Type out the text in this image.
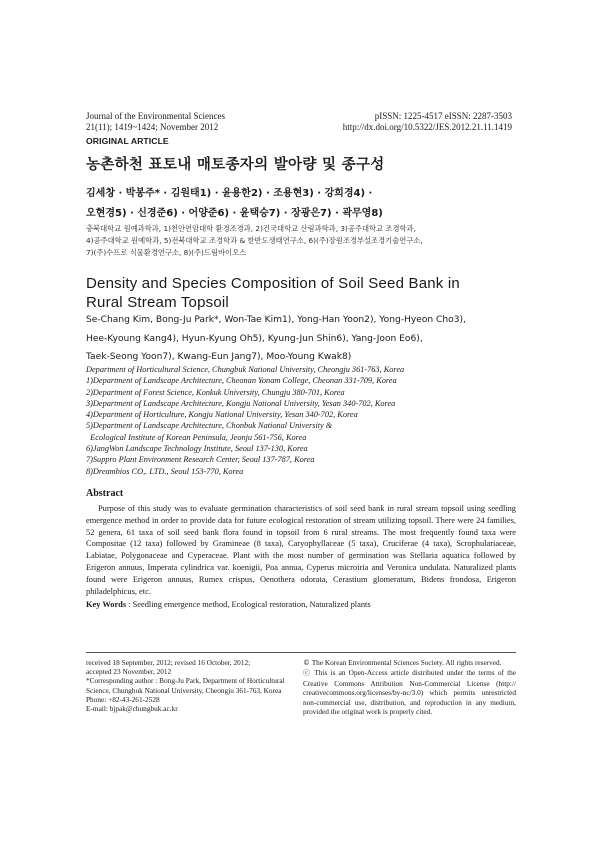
Journal of the Environmental Sciences
21(11); 1419~1424; November 2012
pISSN: 1225-4517 eISSN: 2287-3503
http://dx.doi.org/10.5322/JES.2012.21.11.1419
ORIGINAL ARTICLE
농촌하천 표토내 매토종자의 발아량 및 종구성
김세창 · 박봉주* · 김원태1) · 윤용한2) · 조용현3) · 강희경4) ·
오현경5) · 신경준6) · 어양준6) · 윤택승7) · 장광은7) · 곽무영8)
충북대학교 원예과학과, 1)천안연암대학 환경조경과, 2)건국대학교 산림과학과, 3)공주대학교 조경학과,
4)공주대학교 원예학과, 5)전북대학교 조경학과 & 한반도생태연구소, 6)(주)장원조경부설조경기술연구소,
7)(주)수프로 식물환경연구소, 8)(주)드림바이오스
Density and Species Composition of Soil Seed Bank in
Rural Stream Topsoil
Se-Chang Kim, Bong-Ju Park*, Won-Tae Kim1), Yong-Han Yoon2), Yong-Hyeon Cho3),
Hee-Kyoung Kang4), Hyun-Kyung Oh5), Kyung-Jun Shin6), Yang-Joon Eo6),
Taek-Seong Yoon7), Kwang-Eun Jang7), Moo-Young Kwak8)
Department of Horticultural Science, Chungbuk National University, Cheongju 361-763, Korea
1)Department of Landscape Architecture, Cheonan Yonam College, Cheonan 331-709, Korea
2)Department of Forest Science, Konkuk University, Chungju 380-701, Korea
3)Department of Landscape Architecture, Kongju National University, Yesan 340-702, Korea
4)Department of Horticulture, Kongju National University, Yesan 340-702, Korea
5)Department of Landscape Architecture, Chonbuk National University &
Ecological Institute of Korean Peninsula, Jeonju 561-756, Korea
6)JangWon Landscape Technology Institute, Seoul 137-130, Korea
7)Suppro Plant Environment Research Center, Seoul 137-787, Korea
8)Dreambios CO,. LTD., Seoul 153-770, Korea
Abstract
Purpose of this study was to evaluate germination characteristics of soil seed bank in rural stream topsoil using seedling emergence method in order to provide data for future ecological restoration of stream utilizing topsoil. There were 24 families, 52 genera, 61 taxa of soil seed bank flora found in topsoil from 6 rural streams. The most frequently found taxa were Compositae (12 taxa) followed by Gramineae (8 taxa), Caryophyllaceae (5 taxa), Cruciferae (4 taxa), Scrophulariaceae, Labiatae, Polygonaceae and Cyperaceae. Plant with the most number of germination was Stellaria aquatica followed by Erigeron annuus, Imperata cylindrica var. koenigii, Poa annua, Cyperus microiria and Veronica undulata. Naturalized plants found were Erigeron annuus, Rumex crispus, Oenothera odorata, Cerastium glomeratum, Bidens frondosa, Erigeron philadelphicus, etc.
Key Words : Seedling emergence method, Ecological restoration, Naturalized plants
received 18 September, 2012; revised 16 October, 2012;
accepted 23 November, 2012
*Corresponding author : Bong-Ju Park, Department of Horticultural Science, Chungbuk National University, Cheongju 361-763, Korea
Phone: +82-43-261-2528
E-mail: bjpak@chungbuk.ac.kr
© The Korean Environmental Sciences Society. All rights reserved.
ⓒ This is an Open-Access article distributed under the terms of the Creative Commons Attribution Non-Commercial License (http:// creativecommons.org/licenses/by-nc/3.0) which permits unrestricted non-commercial use, distribution, and reproduction in any medium, provided the original work is properly cited.
